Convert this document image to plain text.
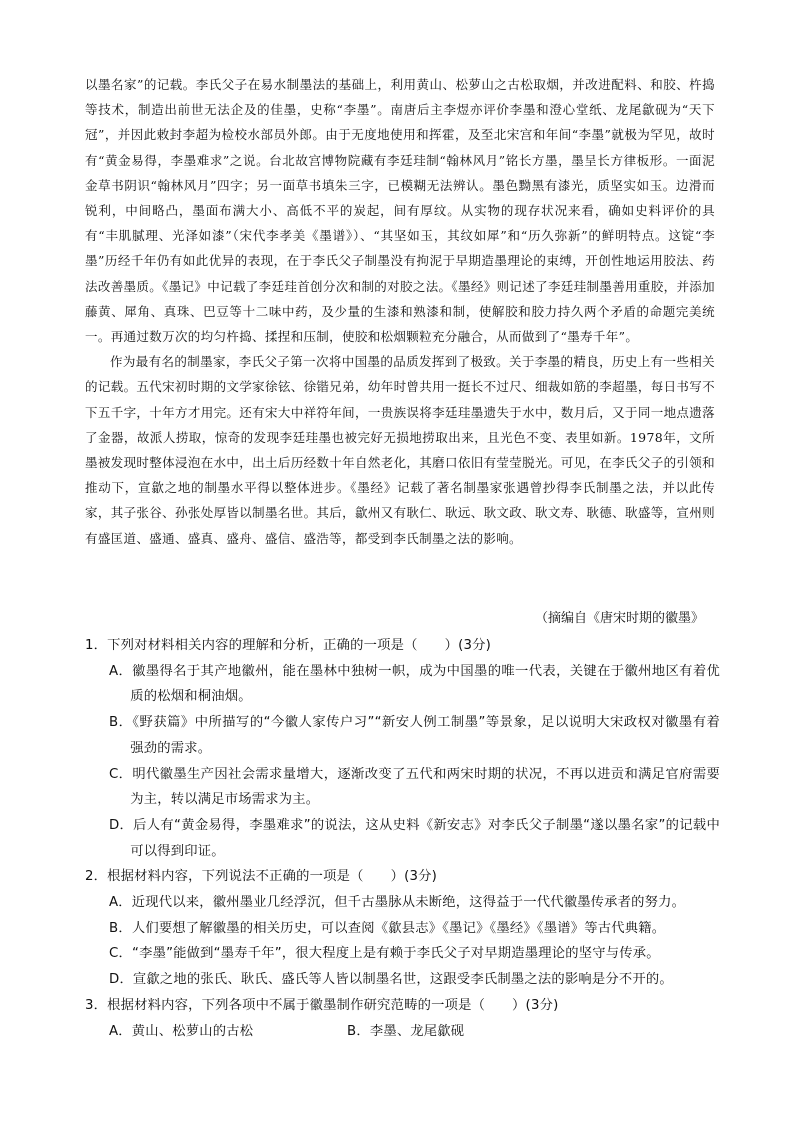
以墨名家”的记载。李氏父子在易水制墨法的基础上，利用黄山、松萝山之古松取烟，并改进配料、和胶、杵捣等技术，制造出前世无法企及的佳墨，史称“李墨”。南唐后主李煜亦评价李墨和澄心堂纸、龙尾歙砚为“天下冠”，并因此敕封李超为检校水部员外郎。由于无度地使用和挥霍，及至北宋宫和年间“李墨”就极为罕见，故时有“黄金易得，李墨难求”之说。台北故宫博物院藏有李廷珪制“翰林风月”铭长方墨，墨呈长方律板形。一面泥金草书阴识“翰林风月”四字；另一面草书填朱三字，已模糊无法辨认。墨色黝黑有漆光，质坚实如玉。边滑而锐利，中间略凸，墨面布满大小、高低不平的炭起，间有厚纹。从实物的现存状况来看，确如史料评价的具有“丰肌腻理、光泽如漆”（宋代李孝美《墨谱》）、“其坚如玉，其纹如犀”和“历久弥新”的鲜明特点。这锭“李墨”历经千年仍有如此优异的表现，在于李氏父子制墨没有拘泥于早期造墨理论的束缚，开创性地运用胶法、药法改善墨质。《墨记》中记载了李廷珪首创分次和制的对胶之法。《墨经》则记述了李廷珪制墨善用重胶，并添加藤黄、犀角、真珠、巴豆等十二味中药，及少量的生漆和熟漆和制，使解胶和胶力持久两个矛盾的命题完美统一。再通过数万次的均匀杵捣、揉捏和压制，使胶和松烟颗粒充分融合，从而做到了“墨寿千年”。

作为最有名的制墨家，李氏父子第一次将中国墨的品质发挥到了极致。关于李墨的精良，历史上有一些相关的记载。五代宋初时期的文学家徐铉、徐锴兄弟，幼年时曾共用一挺长不过尺、细裁如筋的李超墨，每日书写不下五千字，十年方才用完。还有宋大中祥符年间，一贵族误将李廷珪墨遗失于水中，数月后，又于同一地点遗落了金器，故派人捞取，惊奇的发现李廷珪墨也被完好无损地捞取出来，且光色不变、表里如新。1978年，文所墨被发现时整体浸泡在水中，出土后历经数十年自然老化，其磨口依旧有莹莹脱光。可见，在李氏父子的引领和推动下，宣歙之地的制墨水平得以整体进步。《墨经》记载了著名制墨家张遇曾抄得李氏制墨之法，并以此传家，其子张谷、孙张处厚皆以制墨名世。其后，歙州又有耿仁、耿远、耿文政、耿文寿、耿德、耿盛等，宣州则有盛匡道、盛通、盛真、盛舟、盛信、盛浩等，都受到李氏制墨之法的影响。

（摘编自《唐宋时期的徽墨》

1．下列对材料相关内容的理解和分析，正确的一项是（　　）(3分)

A．徽墨得名于其产地徽州，能在墨林中独树一帜，成为中国墨的唯一代表，关键在于徽州地区有着优质的松烟和桐油烟。

B．《野获篇》中所描写的“今徽人家传户习”“新安人例工制墨”等景象，足以说明大宋政权对徽墨有着强劲的需求。

C．明代徽墨生产因社会需求量增大，逐渐改变了五代和两宋时期的状况，不再以进贡和满足官府需要为主，转以满足市场需求为主。

D．后人有“黄金易得，李墨难求”的说法，这从史料《新安志》对李氏父子制墨“遂以墨名家”的记载中可以得到印证。

2．根据材料内容，下列说法不正确的一项是（　　）(3分)

A．近现代以来，徽州墨业几经浮沉，但千古墨脉从未断绝，这得益于一代代徽墨传承者的努力。

B．人们要想了解徽墨的相关历史，可以查阅《歙县志》《墨记》《墨经》《墨谱》等古代典籍。

C．“李墨”能做到“墨寿千年”，很大程度上是有赖于李氏父子对早期造墨理论的坚守与传承。

D．宣歙之地的张氏、耿氏、盛氏等人皆以制墨名世，这跟受李氏制墨之法的影响是分不开的。

3．根据材料内容，下列各项中不属于徽墨制作研究范畴的一项是（　　）(3分)

A．黄山、松萝山的古松	B．李墨、龙尾歙砚
